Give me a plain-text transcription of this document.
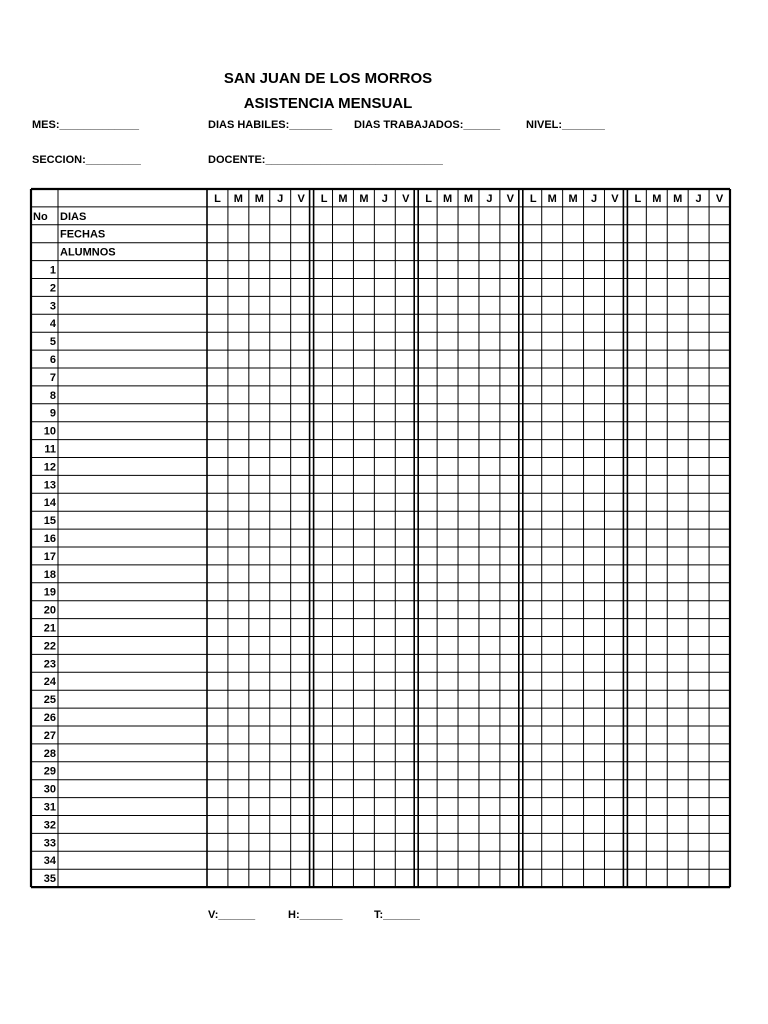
SAN JUAN DE LOS MORROS
ASISTENCIA MENSUAL
MES:_____________	DIAS HABILES:_______ DIAS TRABAJADOS:______ NIVEL:_______
SECCION:_________	DOCENTE:_____________________________
L M M J V L M M J V L M M J V L M M J V L M M J V
No DIAS
FECHAS
ALUMNOS
1
2
3
4
5
6
7
8
9
10
11
12
13
14
15
16
17
18
19
20
21
22
23
24
25
26
27
28
29
30
31
32
33
34
35
V:______	H:_______	T:______
